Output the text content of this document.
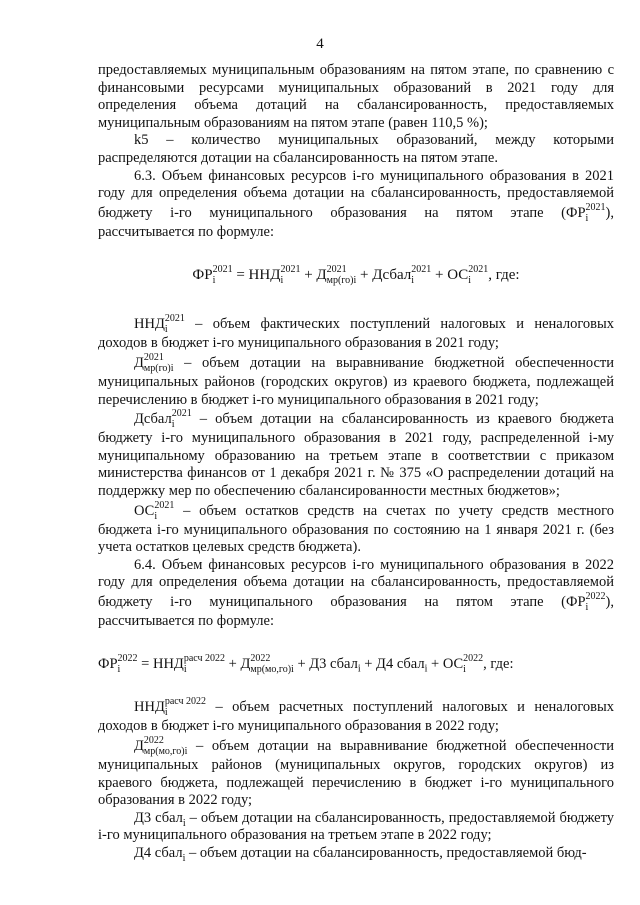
4

предоставляемых муниципальным образованиям на пятом этапе, по сравнению с финансовыми ресурсами муниципальных образований в 2021 году для определения объема дотаций на сбалансированность, предоставляемых муниципальным образованиям на пятом этапе (равен 110,5 %);

k5 – количество муниципальных образований, между которыми распределяются дотации на сбалансированность на пятом этапе.

6.3. Объем финансовых ресурсов i-го муниципального образования в 2021 году для определения объема дотации на сбалансированность, предоставляемой бюджету i-го муниципального образования на пятом этапе (ФР 2021
i	), рассчитывается по формуле:

ФР 2021
i	= ННД 2021
i	+ Д 2021
мр(го)i + Дсбал 2021
i	+ ОС 2021
i	, где:

ННД 2021
i	– объем фактических поступлений налоговых и неналоговых доходов в бюджет i-го муниципального образования в 2021 году;

Д 2021
мр(го)i – объем дотации на выравнивание бюджетной обеспеченности муниципальных районов (городских округов) из краевого бюджета, подлежащей перечислению в бюджет i-го муниципального образования в 2021 году;

Дсбал 2021
i	– объем дотации на сбалансированность из краевого бюджета бюджету i-го муниципального образования в 2021 году, распределенной i-му муниципальному образованию на третьем этапе в соответствии с приказом министерства финансов от 1 декабря 2021 г. № 375 «О распределении дотаций на поддержку мер по обеспечению сбалансированности местных бюджетов»;

ОС 2021
i	– объем остатков средств на счетах по учету средств местного бюджета i-го муниципального образования по состоянию на 1 января 2021 г. (без учета остатков целевых средств бюджета).

6.4. Объем финансовых ресурсов i-го муниципального образования в 2022 году для определения объема дотации на сбалансированность, предоставляемой бюджету i-го муниципального образования на пятом этапе (ФР 2022
i	), рассчитывается по формуле:

ФР 2022
i	= ННД расч 2022
i	+ Д 2022
мр(мо,го)i + Д3 сбал$_i$ + Д4 сбал$_i$ + ОС 2022
i	, где:

ННД расч 2022
i	– объем расчетных поступлений налоговых и неналоговых доходов в бюджет i-го муниципального образования в 2022 году;

Д 2022
мр(мо,го)i – объем дотации на выравнивание бюджетной обеспеченности муниципальных районов (муниципальных округов, городских округов) из краевого бюджета, подлежащей перечислению в бюджет i-го муниципального образования в 2022 году;

Д3 сбал$_i$ – объем дотации на сбалансированность, предоставляемой бюджету i-го муниципального образования на третьем этапе в 2022 году;

Д4 сбал$_i$ – объем дотации на сбалансированность, предоставляемой бюд-
